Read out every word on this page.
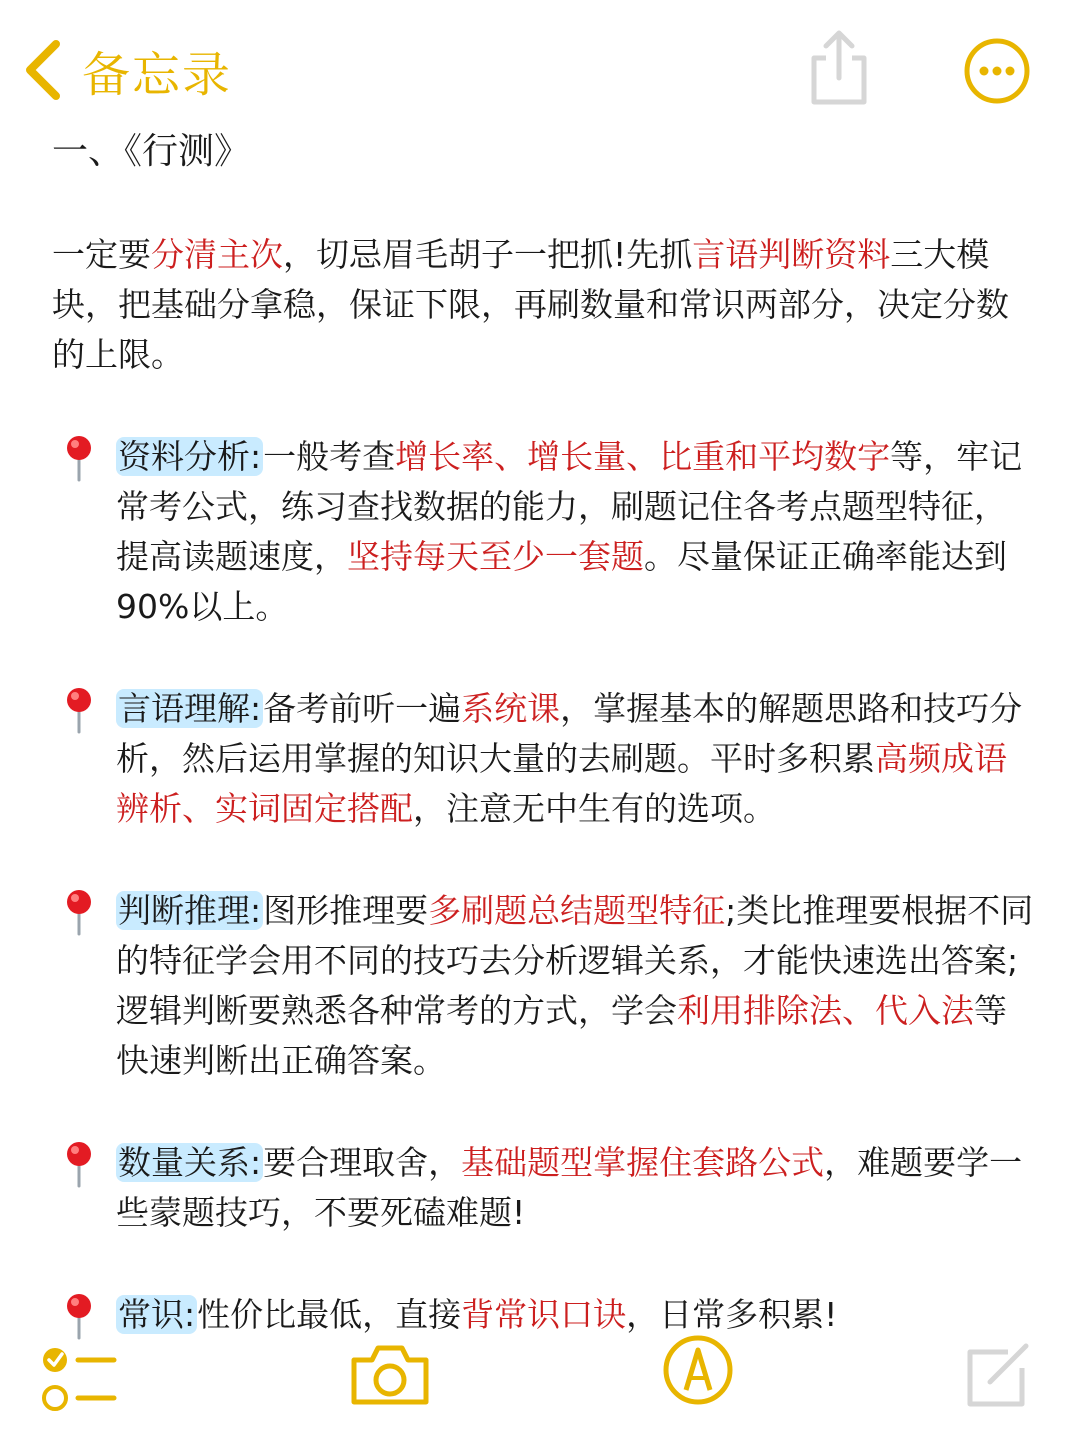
备忘录

一、《行测》

一定要分清主次，切忌眉毛胡子一把抓!先抓言语判断资料三大模块，把基础分拿稳，保证下限，再刷数量和常识两部分，决定分数的上限。

资料分析:一般考查增长率、增长量、比重和平均数字等，牢记常考公式，练习查找数据的能力，刷题记住各考点题型特征，提高读题速度，坚持每天至少一套题。尽量保证正确率能达到90%以上。
言语理解:备考前听一遍系统课，掌握基本的解题思路和技巧分析，然后运用掌握的知识大量的去刷题。平时多积累高频成语辨析、实词固定搭配，注意无中生有的选项。
判断推理:图形推理要多刷题总结题型特征;类比推理要根据不同的特征学会用不同的技巧去分析逻辑关系，才能快速选出答案;逻辑判断要熟悉各种常考的方式，学会利用排除法、代入法等快速判断出正确答案。
数量关系:要合理取舍，基础题型掌握住套路公式，难题要学一些蒙题技巧，不要死磕难题!
常识:性价比最低，直接背常识口诀，日常多积累!
